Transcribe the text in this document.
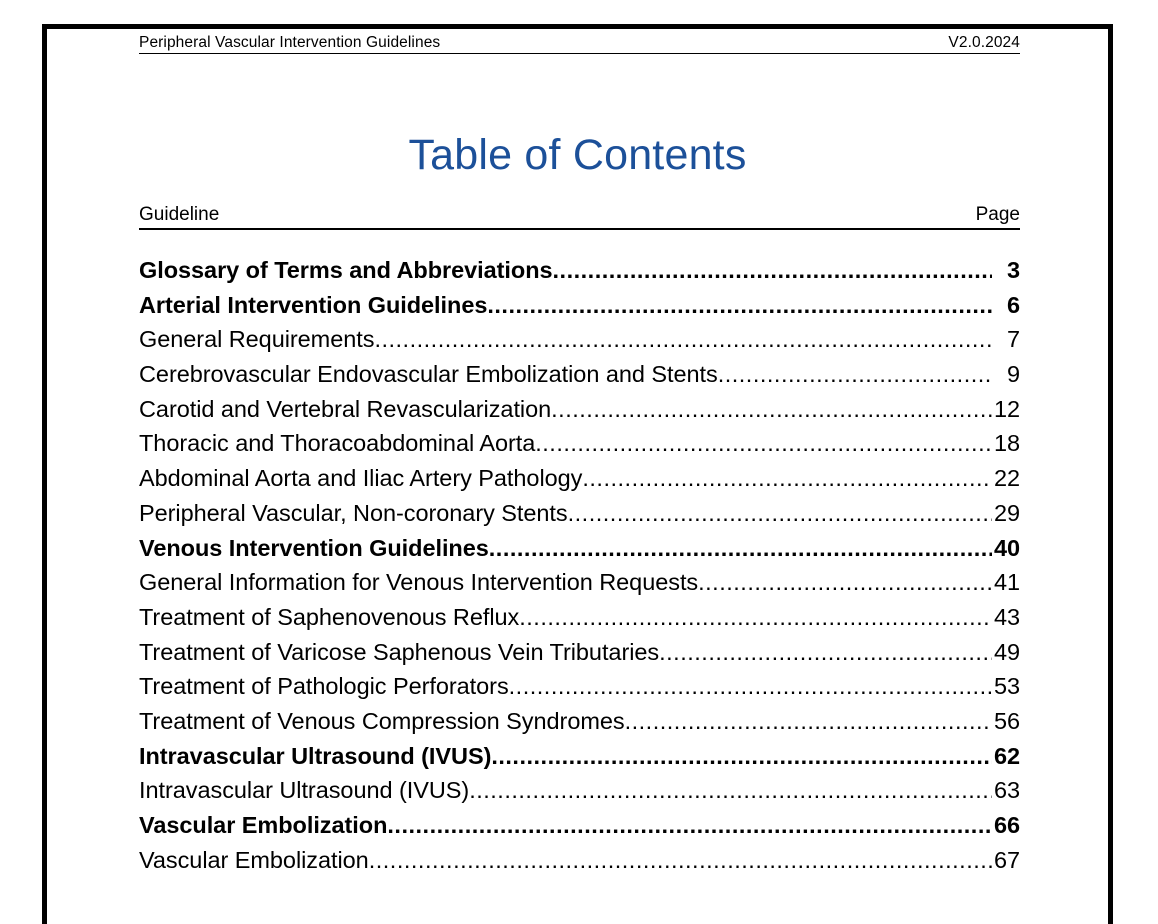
Peripheral Vascular Intervention Guidelines	V2.0.2024
Table of Contents
Guideline	Page
Glossary of Terms and Abbreviations .....	3
Arterial Intervention Guidelines .....	6
General Requirements .....	7
Cerebrovascular Endovascular Embolization and Stents .....	9
Carotid and Vertebral Revascularization .....	12
Thoracic and Thoracoabdominal Aorta .....	18
Abdominal Aorta and Iliac Artery Pathology .....	22
Peripheral Vascular, Non-coronary Stents .....	29
Venous Intervention Guidelines .....	40
General Information for Venous Intervention Requests .....	41
Treatment of Saphenovenous Reflux .....	43
Treatment of Varicose Saphenous Vein Tributaries .....	49
Treatment of Pathologic Perforators .....	53
Treatment of Venous Compression Syndromes .....	56
Intravascular Ultrasound (IVUS) .....	62
Intravascular Ultrasound (IVUS) .....	63
Vascular Embolization .....	66
Vascular Embolization .....	67
